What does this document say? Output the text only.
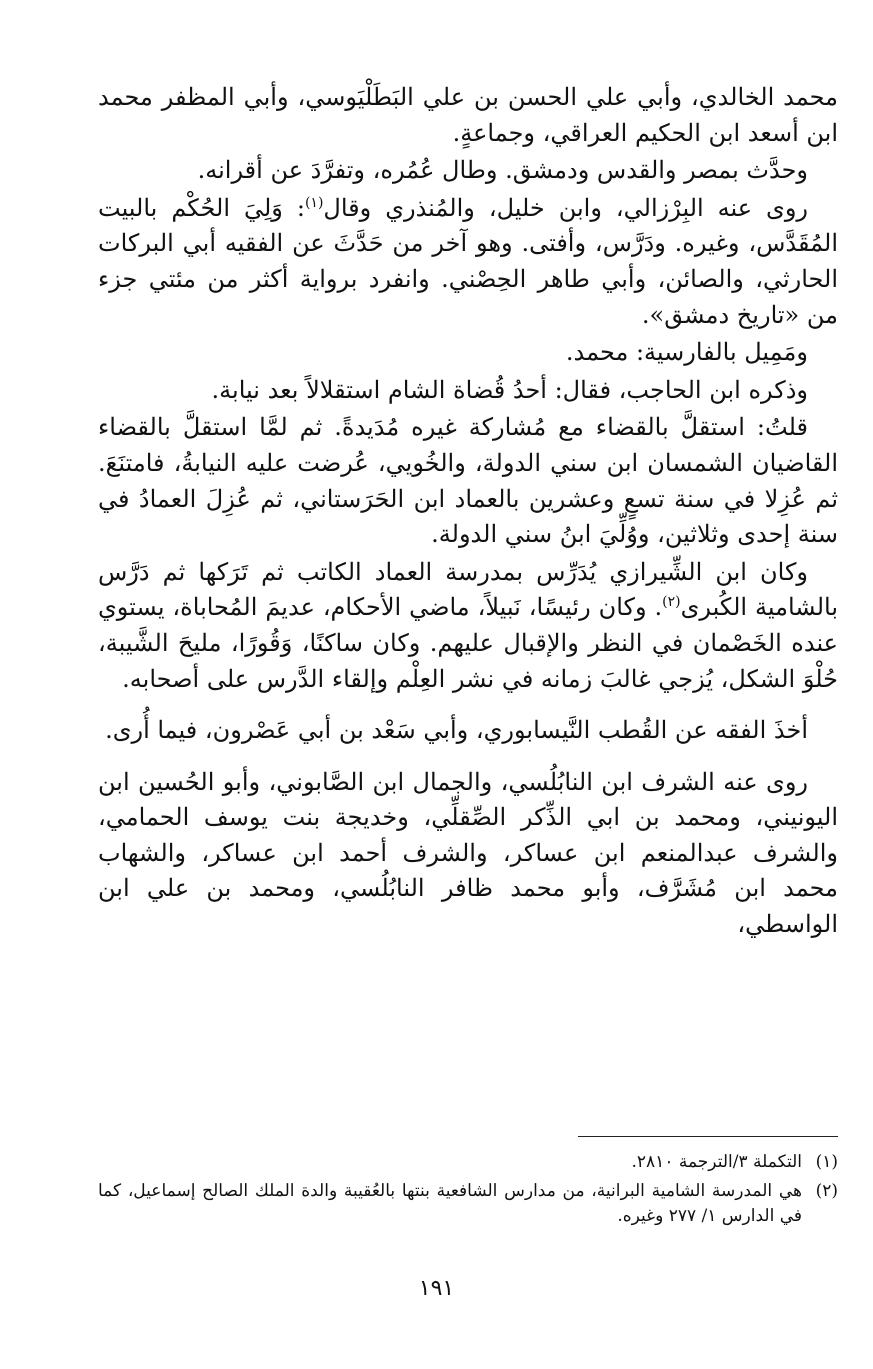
محمد الخالدي، وأبي علي الحسن بن علي البَطَلْيَوسي، وأبي المظفر محمد ابن أسعد ابن الحكيم العراقي، وجماعةٍ.

وحدَّث بمصر والقدس ودمشق. وطال عُمُره، وتفرَّدَ عن أقرانه.

روى عنه البِرْزالي، وابن خليل، والمُنذري وقال$^{(١)}$: وَلِيَ الحُكْم بالبيت المُقَدَّس، وغيره. ودَرَّس، وأفتى. وهو آخر من حَدَّثَ عن الفقيه أبي البركات الحارثي، والصائن، وأبي طاهر الحِصْني. وانفرد برواية أكثر من مئتي جزء من «تاريخ دمشق».

ومَمِيل بالفارسية: محمد.

وذكره ابن الحاجب، فقال: أحدُ قُضاة الشام استقلالاً بعد نيابة.

قلتُ: استقلَّ بالقضاء مع مُشاركة غيره مُدَيدةً. ثم لمَّا استقلَّ بالقضاء القاضيان الشمسان ابن سني الدولة، والخُويي، عُرضت عليه النيابةُ، فامتنَعَ. ثم عُزِلا في سنة تسعٍ وعشرين بالعماد ابن الحَرَستاني، ثم عُزِلَ العمادُ في سنة إحدى وثلاثين، ووُلِّيَ ابنُ سني الدولة.

وكان ابن الشِّيرازي يُدَرِّس بمدرسة العماد الكاتب ثم تَرَكها ثم دَرَّس بالشامية الكُبرى$^{(٢)}$. وكان رئيسًا، نَبيلاً، ماضي الأحكام، عديمَ المُحاباة، يستوي عنده الخَصْمان في النظر والإقبال عليهم. وكان ساكنًا، وَقُورًا، مليحَ الشَّيبة، حُلْوَ الشكل، يُزجي غالبَ زمانه في نشر العِلْم وإلقاء الدَّرس على أصحابه.

أخذَ الفقه عن القُطب النَّيسابوري، وأبي سَعْد بن أبي عَصْرون، فيما أُرى.

روى عنه الشرف ابن النابُلُسي، والجمال ابن الصَّابوني، وأبو الحُسين ابن اليونيني، ومحمد بن ابي الذِّكر الصِّقلِّي، وخديجة بنت يوسف الحمامي، والشرف عبدالمنعم ابن عساكر، والشرف أحمد ابن عساكر، والشهاب محمد ابن مُشَرَّف، وأبو محمد ظافر النابُلُسي، ومحمد بن علي ابن الواسطي،

(١)
التكملة ٣/الترجمة ٢٨١٠.
(٢)
هي المدرسة الشامية البرانية، من مدارس الشافعية بنتها بالعُقيبة والدة الملك الصالح إسماعيل، كما في الدارس ١/ ٢٧٧ وغيره.
١٩١
